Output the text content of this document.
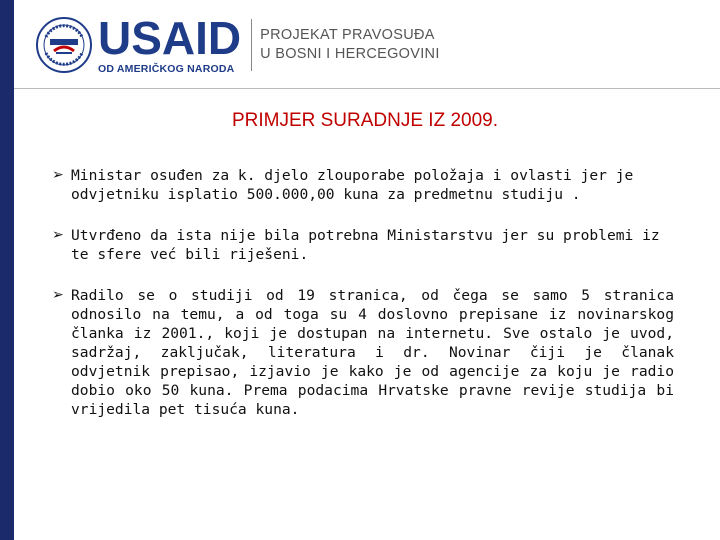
USAID
OD AMERIČKOG NARODA
PROJEKAT PRAVOSUĐA
U BOSNI I HERCEGOVINI
PRIMJER SURADNJE IZ 2009.
➢ Ministar osuđen za k. djelo zlouporabe položaja i ovlasti jer je odvjetniku isplatio 500.000,00 kuna za predmetnu studiju .
➢ Utvrđeno da ista nije bila potrebna Ministarstvu jer su problemi iz te sfere već bili riješeni.
➢ Radilo se o studiji od 19 stranica, od čega se samo 5 stranica odnosilo na temu, a od toga su 4 doslovno prepisane iz novinarskog članka iz 2001., koji je dostupan na internetu. Sve ostalo je uvod, sadržaj, zaključak, literatura i dr. Novinar čiji je članak odvjetnik prepisao, izjavio je kako je od agencije za koju je radio dobio oko 50 kuna. Prema podacima Hrvatske pravne revije studija bi vrijedila pet tisuća kuna.
